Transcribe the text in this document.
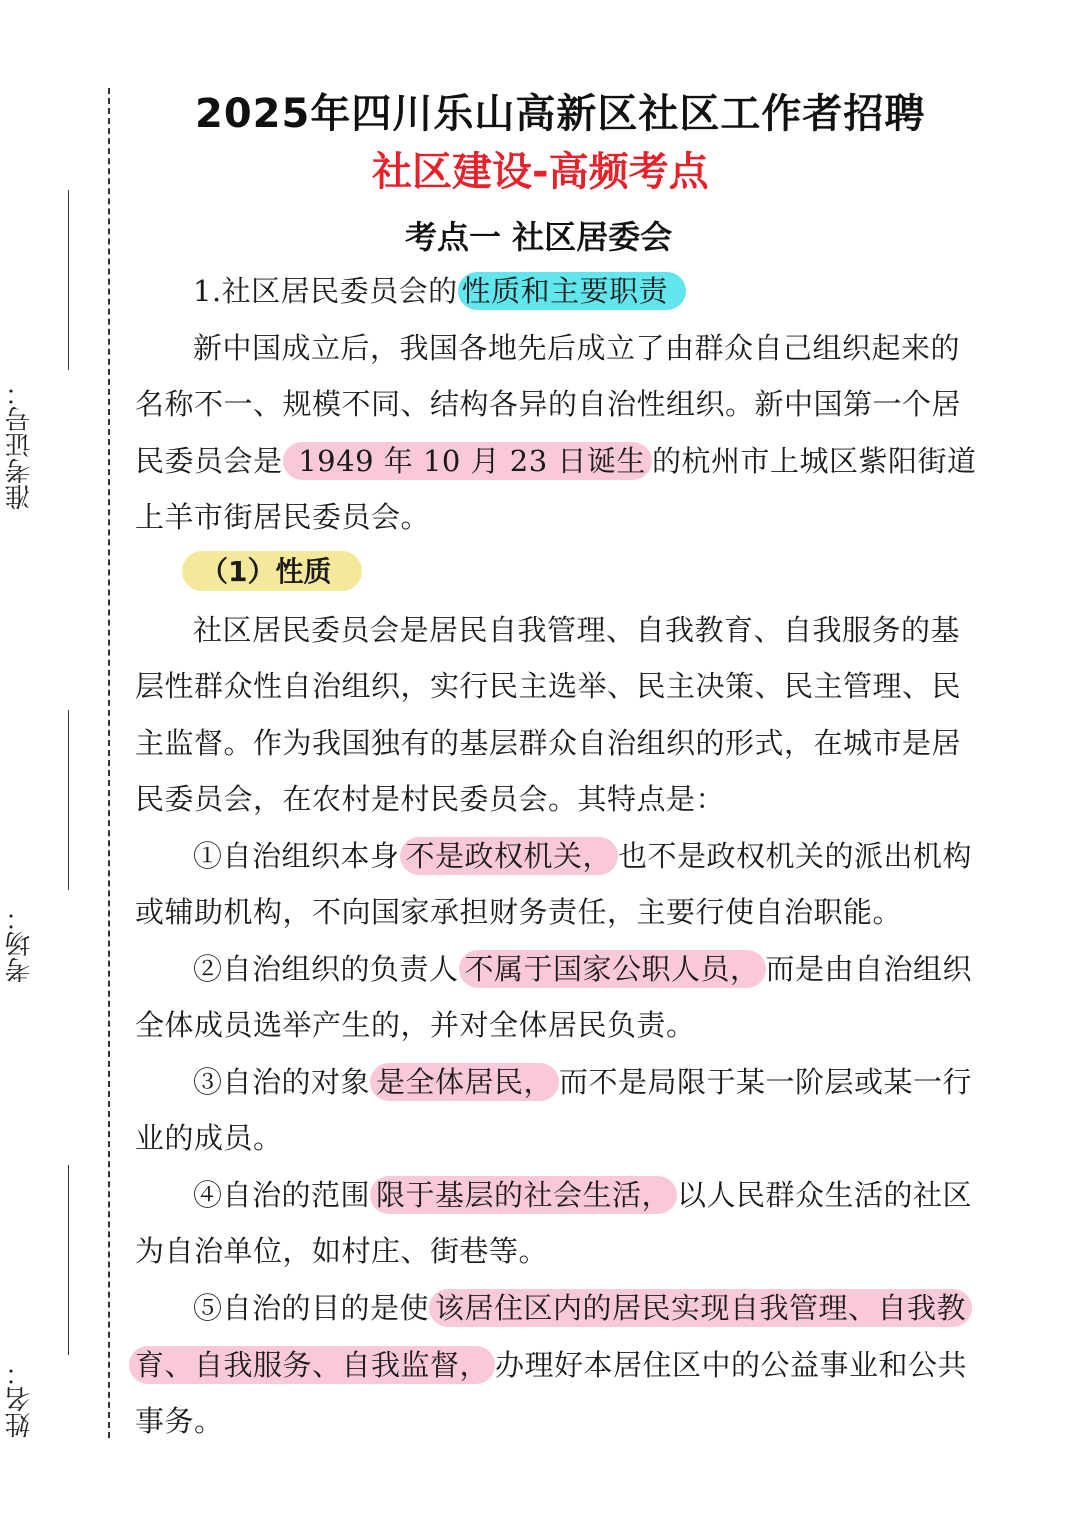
准考证号：
考场：
姓名：
2025年四川乐山高新区社区工作者招聘
社区建设-高频考点
考点一 社区居委会
1.社区居民委员会的 性质和主要职责
新中国成立后，我国各地先后成立了由群众自己组织起来的
名称不一、规模不同、结构各异的自治性组织。新中国第一个居
民委员会是 1949 年 10 月 23 日诞生 的杭州市上城区紫阳街道
上羊市街居民委员会。
（1）性质
社区居民委员会是居民自我管理、自我教育、自我服务的基
层性群众性自治组织，实行民主选举、民主决策、民主管理、民
主监督。作为我国独有的基层群众自治组织的形式，在城市是居
民委员会，在农村是村民委员会。其特点是：
①自治组织本身 不是政权机关， 也不是政权机关的派出机构
或辅助机构，不向国家承担财务责任，主要行使自治职能。
②自治组织的负责人 不属于国家公职人员， 而是由自治组织
全体成员选举产生的，并对全体居民负责。
③自治的对象 是全体居民， 而不是局限于某一阶层或某一行
业的成员。
④自治的范围 限于基层的社会生活， 以人民群众生活的社区
为自治单位，如村庄、街巷等。
⑤自治的目的是使 该居住区内的居民实现自我管理、自我教
育、自我服务、自我监督， 办理好本居住区中的公益事业和公共
事务。
